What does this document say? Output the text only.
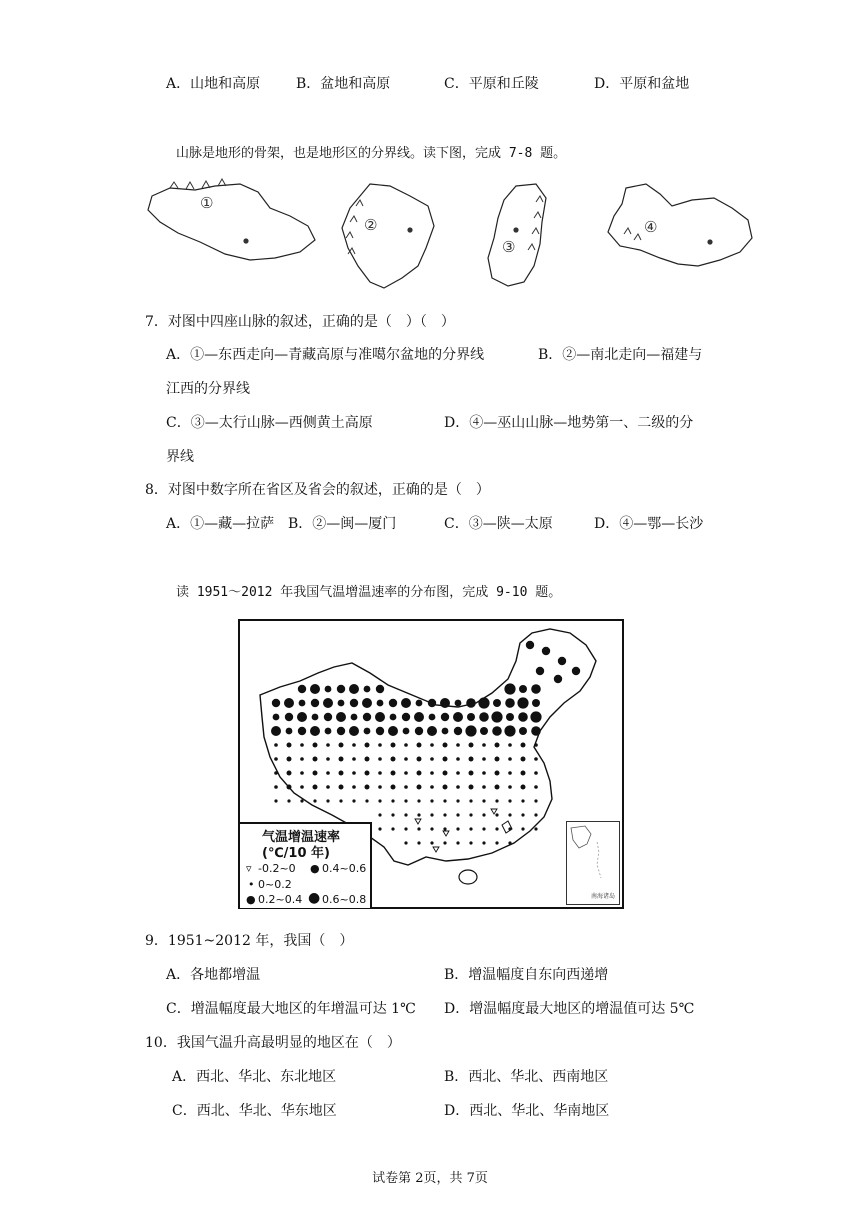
A．山地和高原	B．盆地和高原	C．平原和丘陵	D．平原和盆地
山脉是地形的骨架，也是地形区的分界线。读下图，完成 7-8 题。
①
②
③
④
7．对图中四座山脉的叙述，正确的是（　）（　）
A．①—东西走向—青藏高原与准噶尔盆地的分界线	B．②—南北走向—福建与
江西的分界线
C．③—太行山脉—西侧黄土高原	D．④—巫山山脉—地势第一、二级的分
界线
8．对图中数字所在省区及省会的叙述，正确的是（　）
A．①—藏—拉萨 B．②—闽—厦门	C．③—陕—太原	D．④—鄂—长沙
读 1951～2012 年我国气温增温速率的分布图，完成 9-10 题。
气温增温速率
(℃/10 年)
▿ -0.2~0 ● 0.4~0.6
• 0~0.2
● 0.2~0.4 ● 0.6~0.8	南海诸岛
9．1951~2012 年，我国（　）
A．各地都增温	B．增温幅度自东向西递增
C．增温幅度最大地区的年增温可达 1℃ D．增温幅度最大地区的增温值可达 5℃
10．我国气温升高最明显的地区在（　）
A．西北、华北、东北地区	B．西北、华北、西南地区
C．西北、华北、华东地区	D．西北、华北、华南地区
试卷第 2页，共 7页
